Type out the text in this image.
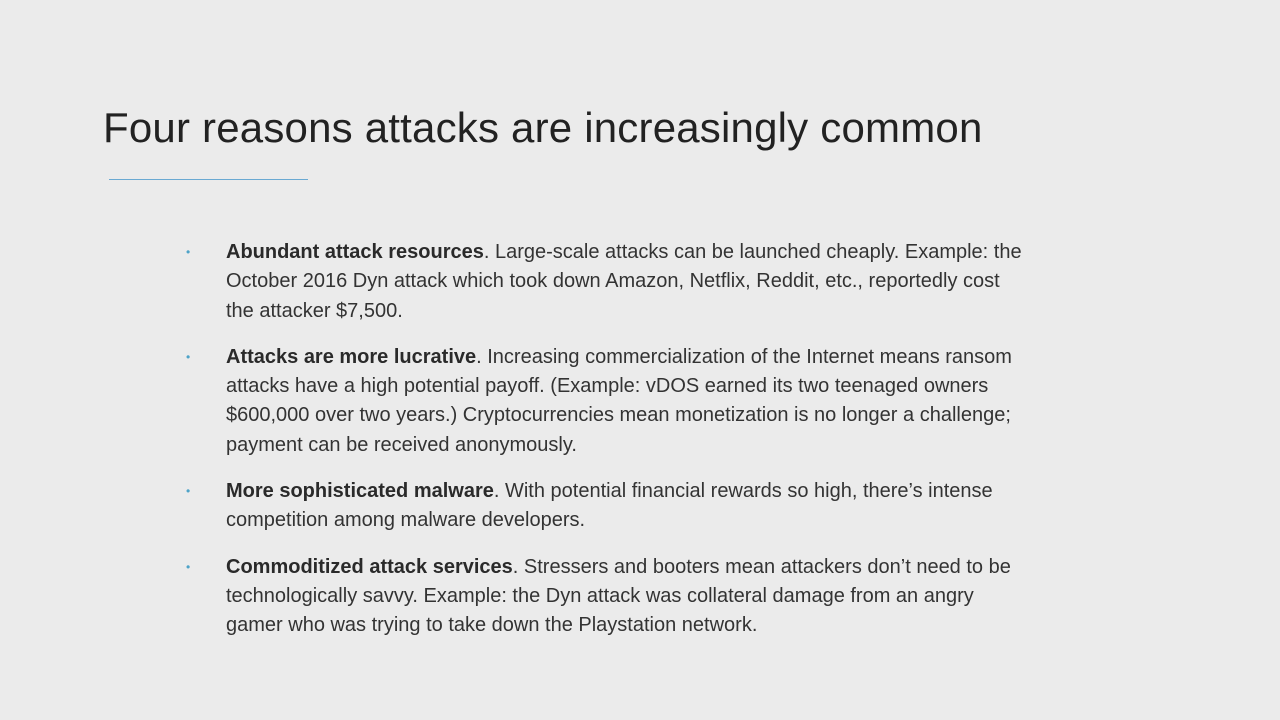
Four reasons attacks are increasingly common
• Abundant attack resources. Large-scale attacks can be launched cheaply. Example: the October 2016 Dyn attack which took down Amazon, Netflix, Reddit, etc., reportedly cost the attacker $7,500.
• Attacks are more lucrative. Increasing commercialization of the Internet means ransom attacks have a high potential payoff. (Example: vDOS earned its two teenaged owners $600,000 over two years.) Cryptocurrencies mean monetization is no longer a challenge; payment can be received anonymously.
• More sophisticated malware. With potential financial rewards so high, there’s intense competition among malware developers.
• Commoditized attack services. Stressers and booters mean attackers don’t need to be technologically savvy. Example: the Dyn attack was collateral damage from an angry gamer who was trying to take down the Playstation network.
